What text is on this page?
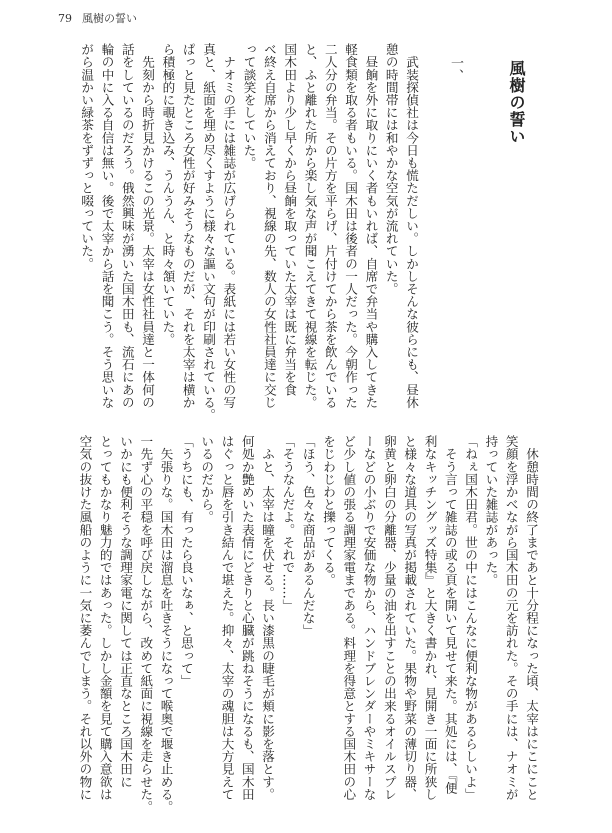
79 風樹の誓い
風樹の誓い
一、
　武装探偵社は今日も慌ただしい。しかしそんな彼らにも、昼休
憩の時間帯には和やかな空気が流れていた。
　昼餉を外に取りにいく者もいれば、自席で弁当や購入してきた
軽食類を取る者もいる。国木田は後者の一人だった。今朝作った
二人分の弁当。その片方を平らげ、片付けてから茶を飲んでいる
と、ふと離れた所から楽し気な声が聞こえてきて視線を転じた。
国木田より少し早くから昼餉を取っていた太宰は既に弁当を食
べ終え自席から消えており、視線の先、数人の女性社員達に交じ
って談笑をしていた。
　ナオミの手には雑誌が広げられている。表紙には若い女性の写
真と、紙面を埋め尽くすように様々な謳い文句が印刷されている。
ぱっと見たところ女性が好みそうなものだが、それを太宰は横か
ら積極的に覗き込み、うんうん、と時々頷いていた。
　先刻から時折見かけるこの光景。太宰は女性社員達と一体何の
話をしているのだろう。俄然興味が湧いた国木田も、流石にあの
輪の中に入る自信は無い。後で太宰から話を聞こう。そう思いな
がら温かい緑茶をずずっと啜っていた。
　休憩時間の終了まであと十分程になった頃、太宰はにこにこと
笑顔を浮かべながら国木田の元を訪れた。その手には、ナオミが
持っていた雑誌があった。
「ねぇ国木田君。世の中にはこんなに便利な物があるらしいよ」
　そう言って雑誌の或る頁を開いて見せて来た。其処には、『便
利なキッチングッズ特集』と大きく書かれ、見開き一面に所狭し
と様々な道具の写真が掲載されていた。果物や野菜の薄切り器、
卵黄と卵白の分離器、少量の油を出すことの出来るオイルスプレ
ーなどの小ぶりで安価な物から、ハンドブレンダーやミキサーな
ど少し値の張る調理家電まである。料理を得意とする国木田の心
をじわじわと擽ってくる。
「ほう、色々な商品があるんだな」
「そうなんだよ。それで……」
　ふと、太宰は瞳を伏せる。長い漆黒の睫毛が頬に影を落とす。
何処か艶めいた表情にどきりと心臓が跳ねそうになるも、国木田
はぐっと唇を引き結んで堪えた。抑々、太宰の魂胆は大方見えて
いるのだから。
「うちにも、有ったら良いなぁ、と思って」
　矢張りな。国木田は溜息を吐きそうになって喉奥で堰き止める。
一先ず心の平穏を呼び戻しながら、改めて紙面に視線を走らせた。
いかにも便利そうな調理家電に関しては正直なところ国木田に
とってもかなり魅力的ではあった。しかし金額を見て購入意欲は
空気の抜けた風船のように一気に萎んでしまう。それ以外の物に
